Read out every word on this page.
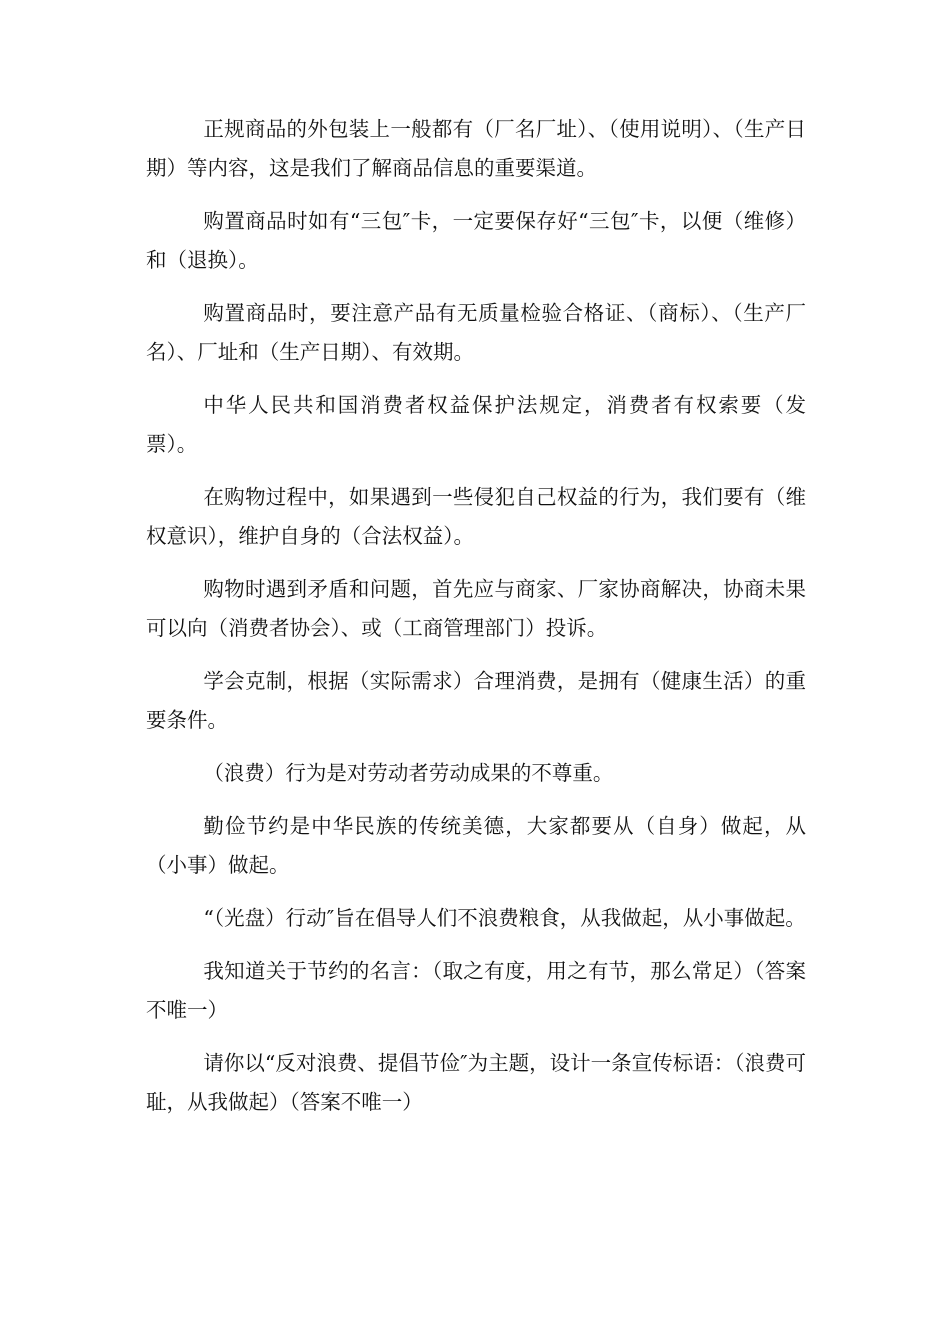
正规商品的外包装上一般都有（厂名厂址）、（使用说明）、（生产日期）等内容，这是我们了解商品信息的重要渠道。

购置商品时如有“三包″卡，一定要保存好“三包″卡，以便（维修）和（退换）。

购置商品时，要注意产品有无质量检验合格证、（商标）、（生产厂名）、厂址和（生产日期）、有效期。

中华人民共和国消费者权益保护法规定，消费者有权索要（发票）。

在购物过程中，如果遇到一些侵犯自己权益的行为，我们要有（维权意识），维护自身的（合法权益）。

购物时遇到矛盾和问题，首先应与商家、厂家协商解决，协商未果可以向（消费者协会）、或（工商管理部门）投诉。

学会克制，根据（实际需求）合理消费，是拥有（健康生活）的重要条件。

（浪费）行为是对劳动者劳动成果的不尊重。

勤俭节约是中华民族的传统美德，大家都要从（自身）做起，从（小事）做起。

“（光盘）行动″旨在倡导人们不浪费粮食，从我做起，从小事做起。

我知道关于节约的名言：（取之有度，用之有节，那么常足）（答案不唯一）

请你以“反对浪费、提倡节俭″为主题，设计一条宣传标语：（浪费可耻，从我做起）（答案不唯一）
